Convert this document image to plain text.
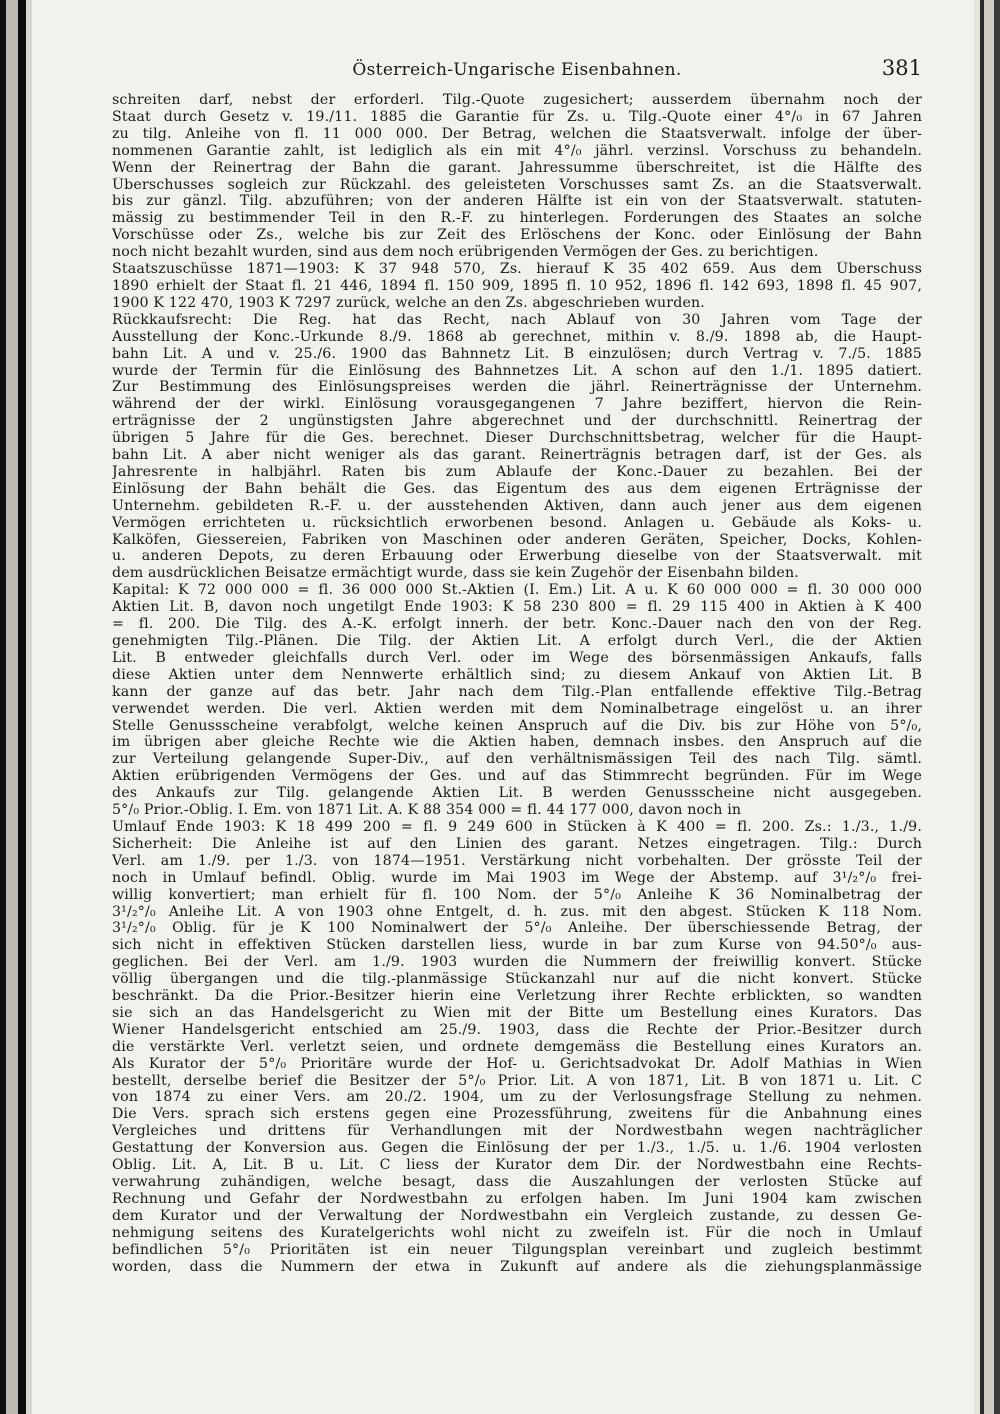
Österreich-Ungarische Eisenbahnen.	381
schreiten darf, nebst der erforderl. Tilg.-Quote zugesichert; ausserdem übernahm noch der
Staat durch Gesetz v. 19./11. 1885 die Garantie für Zs. u. Tilg.-Quote einer 4°/₀ in 67 Jahren
zu tilg. Anleihe von fl. 11 000 000. Der Betrag, welchen die Staatsverwalt. infolge der über-
nommenen Garantie zahlt, ist lediglich als ein mit 4°/₀ jährl. verzinsl. Vorschuss zu behandeln.
Wenn der Reinertrag der Bahn die garant. Jahressumme überschreitet, ist die Hälfte des
Überschusses sogleich zur Rückzahl. des geleisteten Vorschusses samt Zs. an die Staatsverwalt.
bis zur gänzl. Tilg. abzuführen; von der anderen Hälfte ist ein von der Staatsverwalt. statuten-
mässig zu bestimmender Teil in den R.-F. zu hinterlegen. Forderungen des Staates an solche
Vorschüsse oder Zs., welche bis zur Zeit des Erlöschens der Konc. oder Einlösung der Bahn
noch nicht bezahlt wurden, sind aus dem noch erübrigenden Vermögen der Ges. zu berichtigen.
Staatszuschüsse 1871—1903: K 37 948 570, Zs. hierauf K 35 402 659. Aus dem Überschuss
1890 erhielt der Staat fl. 21 446, 1894 fl. 150 909, 1895 fl. 10 952, 1896 fl. 142 693, 1898 fl. 45 907,
1900 K 122 470, 1903 K 7297 zurück, welche an den Zs. abgeschrieben wurden.
Rückkaufsrecht: Die Reg. hat das Recht, nach Ablauf von 30 Jahren vom Tage der
Ausstellung der Konc.-Urkunde 8./9. 1868 ab gerechnet, mithin v. 8./9. 1898 ab, die Haupt-
bahn Lit. A und v. 25./6. 1900 das Bahnnetz Lit. B einzulösen; durch Vertrag v. 7./5. 1885
wurde der Termin für die Einlösung des Bahnnetzes Lit. A schon auf den 1./1. 1895 datiert.
Zur Bestimmung des Einlösungspreises werden die jährl. Reinerträgnisse der Unternehm.
während der der wirkl. Einlösung vorausgegangenen 7 Jahre beziffert, hiervon die Rein-
erträgnisse der 2 ungünstigsten Jahre abgerechnet und der durchschnittl. Reinertrag der
übrigen 5 Jahre für die Ges. berechnet. Dieser Durchschnittsbetrag, welcher für die Haupt-
bahn Lit. A aber nicht weniger als das garant. Reinerträgnis betragen darf, ist der Ges. als
Jahresrente in halbjährl. Raten bis zum Ablaufe der Konc.-Dauer zu bezahlen. Bei der
Einlösung der Bahn behält die Ges. das Eigentum des aus dem eigenen Erträgnisse der
Unternehm. gebildeten R.-F. u. der ausstehenden Aktiven, dann auch jener aus dem eigenen
Vermögen errichteten u. rücksichtlich erworbenen besond. Anlagen u. Gebäude als Koks- u.
Kalköfen, Giessereien, Fabriken von Maschinen oder anderen Geräten, Speicher, Docks, Kohlen-
u. anderen Depots, zu deren Erbauung oder Erwerbung dieselbe von der Staatsverwalt. mit
dem ausdrücklichen Beisatze ermächtigt wurde, dass sie kein Zugehör der Eisenbahn bilden.
Kapital: K 72 000 000 = fl. 36 000 000 St.-Aktien (I. Em.) Lit. A u. K 60 000 000 = fl. 30 000 000
Aktien Lit. B, davon noch ungetilgt Ende 1903: K 58 230 800 = fl. 29 115 400 in Aktien à K 400
= fl. 200. Die Tilg. des A.-K. erfolgt innerh. der betr. Konc.-Dauer nach den von der Reg.
genehmigten Tilg.-Plänen. Die Tilg. der Aktien Lit. A erfolgt durch Verl., die der Aktien
Lit. B entweder gleichfalls durch Verl. oder im Wege des börsenmässigen Ankaufs, falls
diese Aktien unter dem Nennwerte erhältlich sind; zu diesem Ankauf von Aktien Lit. B
kann der ganze auf das betr. Jahr nach dem Tilg.-Plan entfallende effektive Tilg.-Betrag
verwendet werden. Die verl. Aktien werden mit dem Nominalbetrage eingelöst u. an ihrer
Stelle Genussscheine verabfolgt, welche keinen Anspruch auf die Div. bis zur Höhe von 5°/₀,
im übrigen aber gleiche Rechte wie die Aktien haben, demnach insbes. den Anspruch auf die
zur Verteilung gelangende Super-Div., auf den verhältnismässigen Teil des nach Tilg. sämtl.
Aktien erübrigenden Vermögens der Ges. und auf das Stimmrecht begründen. Für im Wege
des Ankaufs zur Tilg. gelangende Aktien Lit. B werden Genussscheine nicht ausgegeben.
5°/₀ Prior.-Oblig. I. Em. von 1871 Lit. A. K 88 354 000 = fl. 44 177 000, davon noch in
Umlauf Ende 1903: K 18 499 200 = fl. 9 249 600 in Stücken à K 400 = fl. 200. Zs.: 1./3., 1./9.
Sicherheit: Die Anleihe ist auf den Linien des garant. Netzes eingetragen. Tilg.: Durch
Verl. am 1./9. per 1./3. von 1874—1951. Verstärkung nicht vorbehalten. Der grösste Teil der
noch in Umlauf befindl. Oblig. wurde im Mai 1903 im Wege der Abstemp. auf 3¹/₂°/₀ frei-
willig konvertiert; man erhielt für fl. 100 Nom. der 5°/₀ Anleihe K 36 Nominalbetrag der
3¹/₂°/₀ Anleihe Lit. A von 1903 ohne Entgelt, d. h. zus. mit den abgest. Stücken K 118 Nom.
3¹/₂°/₀ Oblig. für je K 100 Nominalwert der 5°/₀ Anleihe. Der überschiessende Betrag, der
sich nicht in effektiven Stücken darstellen liess, wurde in bar zum Kurse von 94.50°/₀ aus-
geglichen. Bei der Verl. am 1./9. 1903 wurden die Nummern der freiwillig konvert. Stücke
völlig übergangen und die tilg.-planmässige Stückanzahl nur auf die nicht konvert. Stücke
beschränkt. Da die Prior.-Besitzer hierin eine Verletzung ihrer Rechte erblickten, so wandten
sie sich an das Handelsgericht zu Wien mit der Bitte um Bestellung eines Kurators. Das
Wiener Handelsgericht entschied am 25./9. 1903, dass die Rechte der Prior.-Besitzer durch
die verstärkte Verl. verletzt seien, und ordnete demgemäss die Bestellung eines Kurators an.
Als Kurator der 5°/₀ Prioritäre wurde der Hof- u. Gerichtsadvokat Dr. Adolf Mathias in Wien
bestellt, derselbe berief die Besitzer der 5°/₀ Prior. Lit. A von 1871, Lit. B von 1871 u. Lit. C
von 1874 zu einer Vers. am 20./2. 1904, um zu der Verlosungsfrage Stellung zu nehmen.
Die Vers. sprach sich erstens gegen eine Prozessführung, zweitens für die Anbahnung eines
Vergleiches und drittens für Verhandlungen mit der Nordwestbahn wegen nachträglicher
Gestattung der Konversion aus. Gegen die Einlösung der per 1./3., 1./5. u. 1./6. 1904 verlosten
Oblig. Lit. A, Lit. B u. Lit. C liess der Kurator dem Dir. der Nordwestbahn eine Rechts-
verwahrung zuhändigen, welche besagt, dass die Auszahlungen der verlosten Stücke auf
Rechnung und Gefahr der Nordwestbahn zu erfolgen haben. Im Juni 1904 kam zwischen
dem Kurator und der Verwaltung der Nordwestbahn ein Vergleich zustande, zu dessen Ge-
nehmigung seitens des Kuratelgerichts wohl nicht zu zweifeln ist. Für die noch in Umlauf
befindlichen 5°/₀ Prioritäten ist ein neuer Tilgungsplan vereinbart und zugleich bestimmt
worden, dass die Nummern der etwa in Zukunft auf andere als die ziehungsplanmässige
